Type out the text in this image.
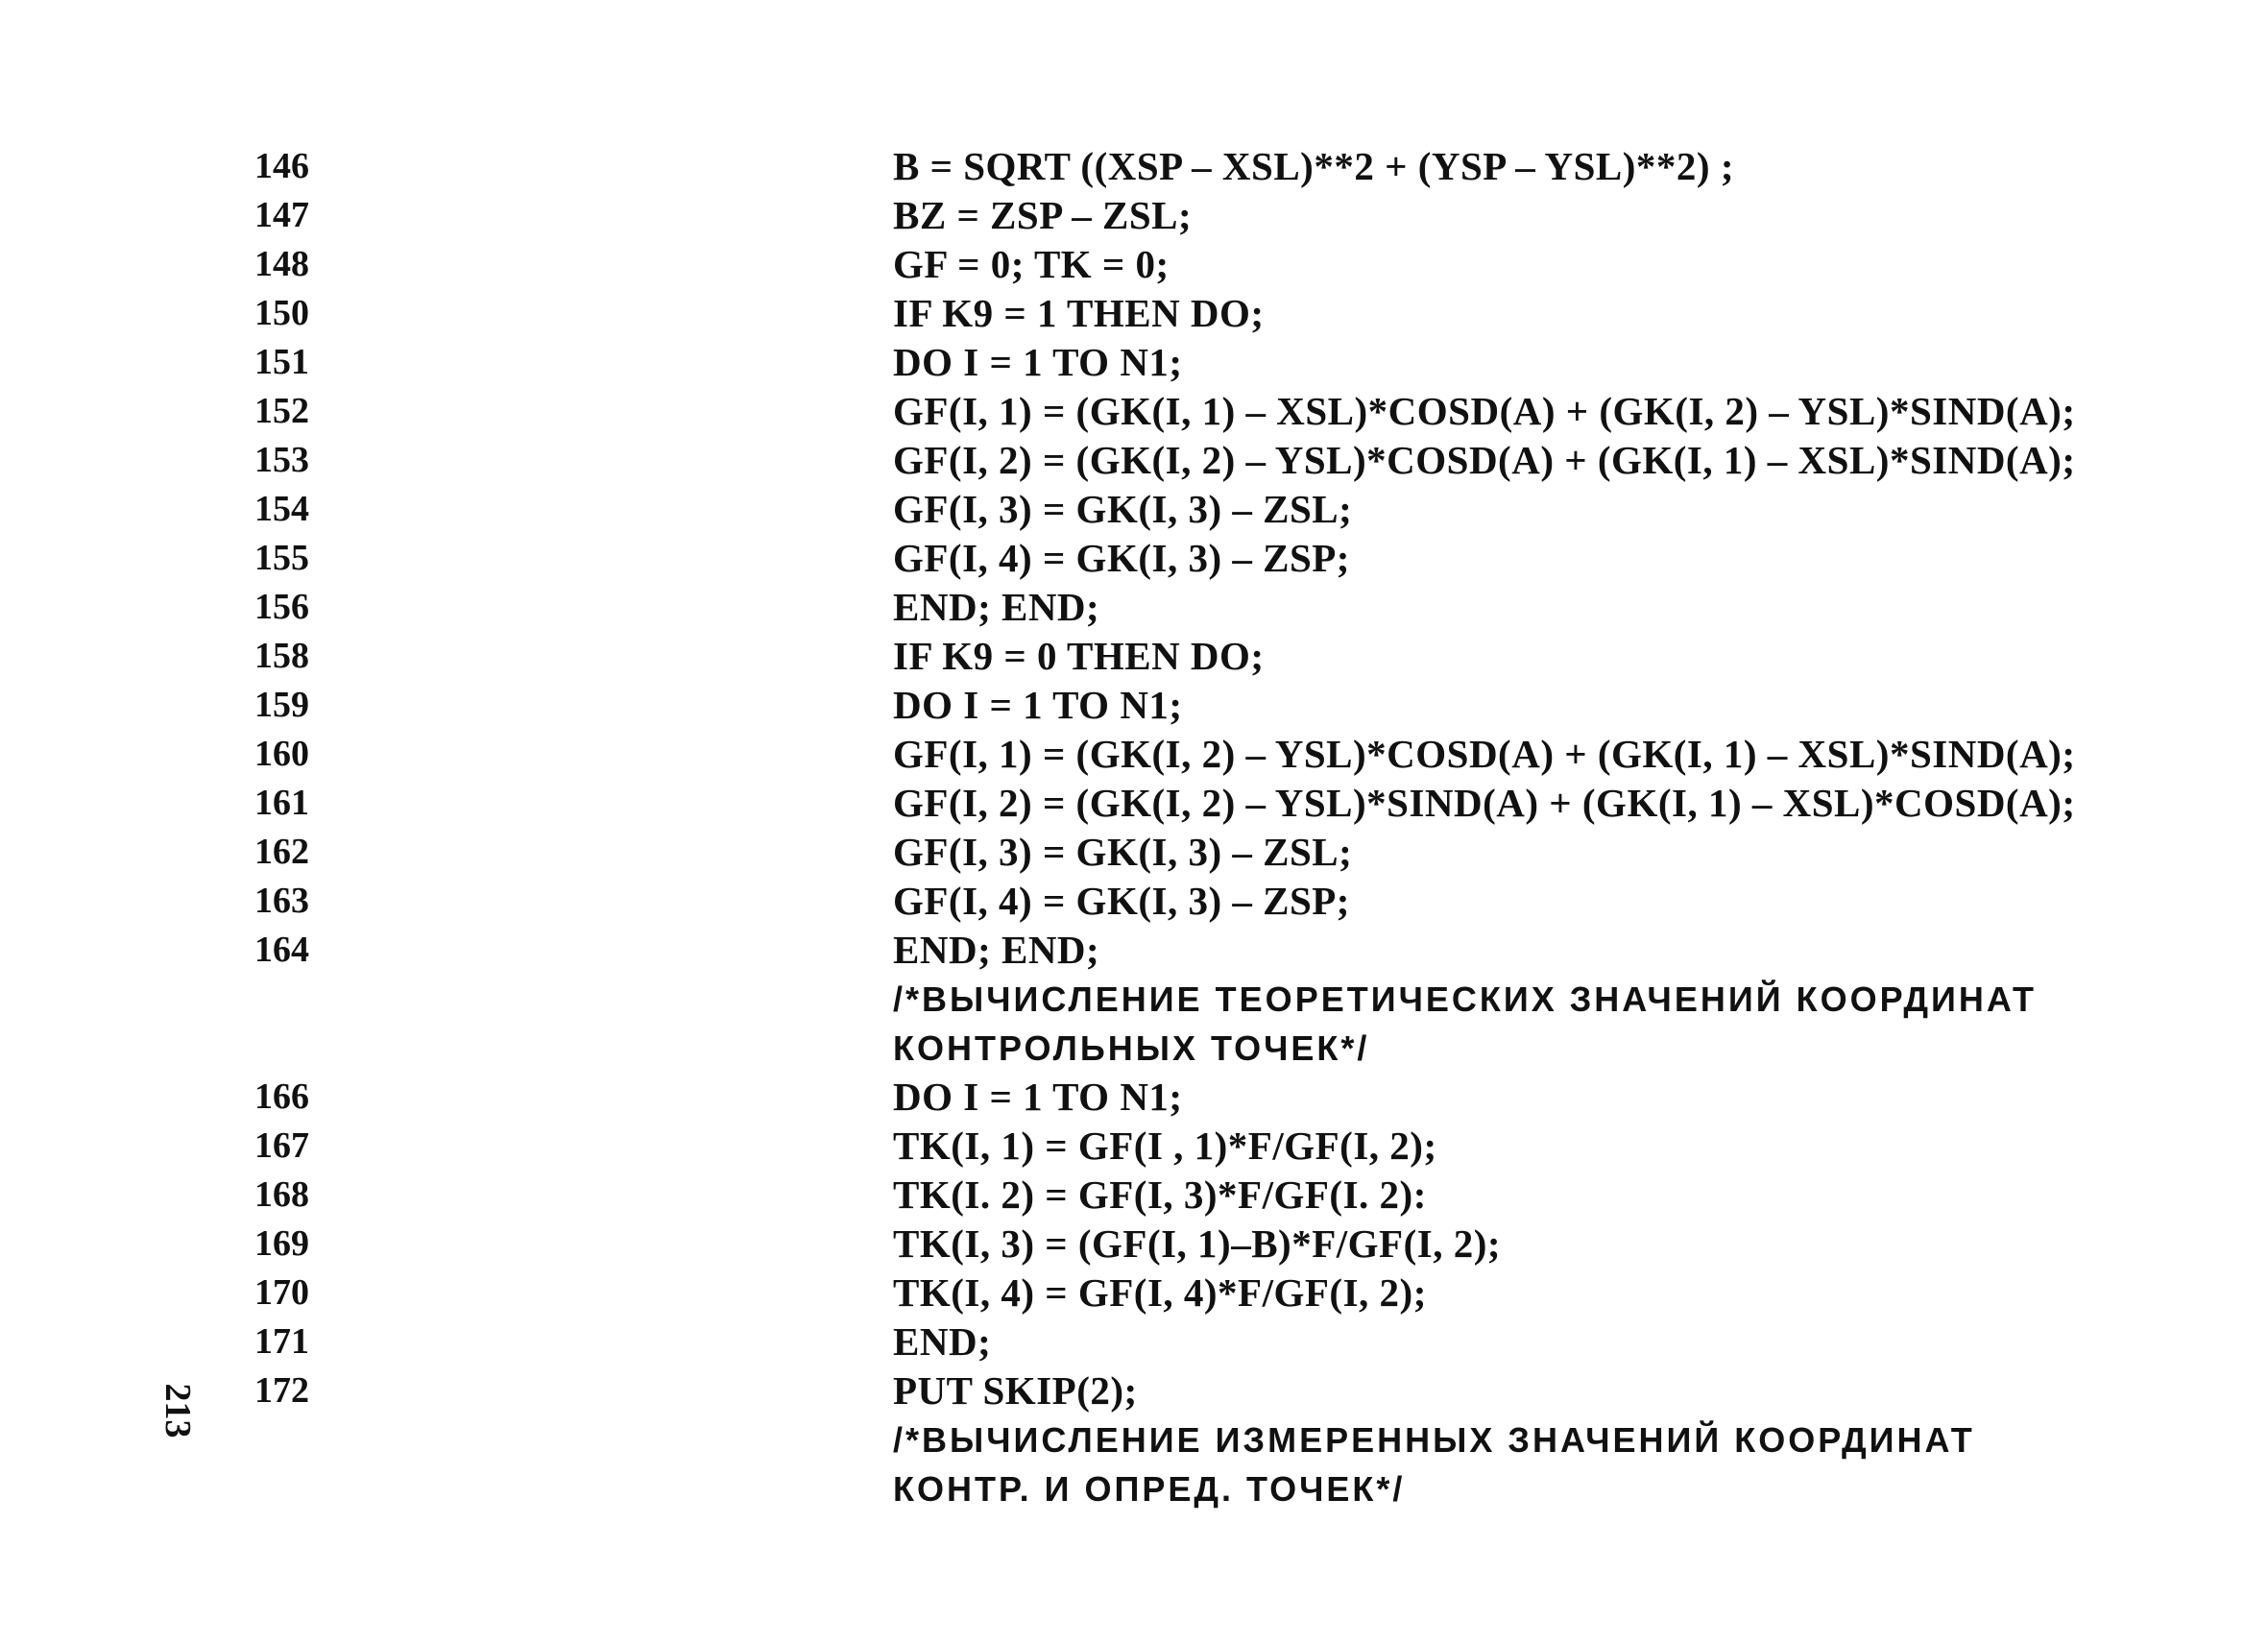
146	B = SQRT ((XSP – XSL)**2 + (YSP – YSL)**2) ;
147	BZ = ZSP – ZSL;
148	GF = 0; TK = 0;
150	IF K9 = 1 THEN DO;
151	DO I = 1 TO N1;
152	GF(I, 1) = (GK(I, 1) – XSL)*COSD(A) + (GK(I, 2) – YSL)*SIND(A);
153	GF(I, 2) = (GK(I, 2) – YSL)*COSD(A) + (GK(I, 1) – XSL)*SIND(A);
154	GF(I, 3) = GK(I, 3) – ZSL;
155	GF(I, 4) = GK(I, 3) – ZSP;
156	END; END;
158	IF K9 = 0 THEN DO;
159	DO I = 1 TO N1;
160	GF(I, 1) = (GK(I, 2) – YSL)*COSD(A) + (GK(I, 1) – XSL)*SIND(A);
161	GF(I, 2) = (GK(I, 2) – YSL)*SIND(A) + (GK(I, 1) – XSL)*COSD(A);
162	GF(I, 3) = GK(I, 3) – ZSL;
163	GF(I, 4) = GK(I, 3) – ZSP;
164	END; END;
/*ВЫЧИСЛЕНИЕ ТЕОРЕТИЧЕСКИХ ЗНАЧЕНИЙ КООРДИНАТ
КОНТРОЛЬНЫХ ТОЧЕК*/
166	DO I = 1 TO N1;
167	TK(I, 1) = GF(I , 1)*F/GF(I, 2);
168	TK(I. 2) = GF(I, 3)*F/GF(I. 2):
169	TK(I, 3) = (GF(I, 1)–B)*F/GF(I, 2);
170	TK(I, 4) = GF(I, 4)*F/GF(I, 2);
171	END;
172	PUT SKIP(2);
/*ВЫЧИСЛЕНИЕ ИЗМЕРЕННЫХ ЗНАЧЕНИЙ КООРДИНАТ
КОНТР. И ОПРЕД. ТОЧЕК*/
213
